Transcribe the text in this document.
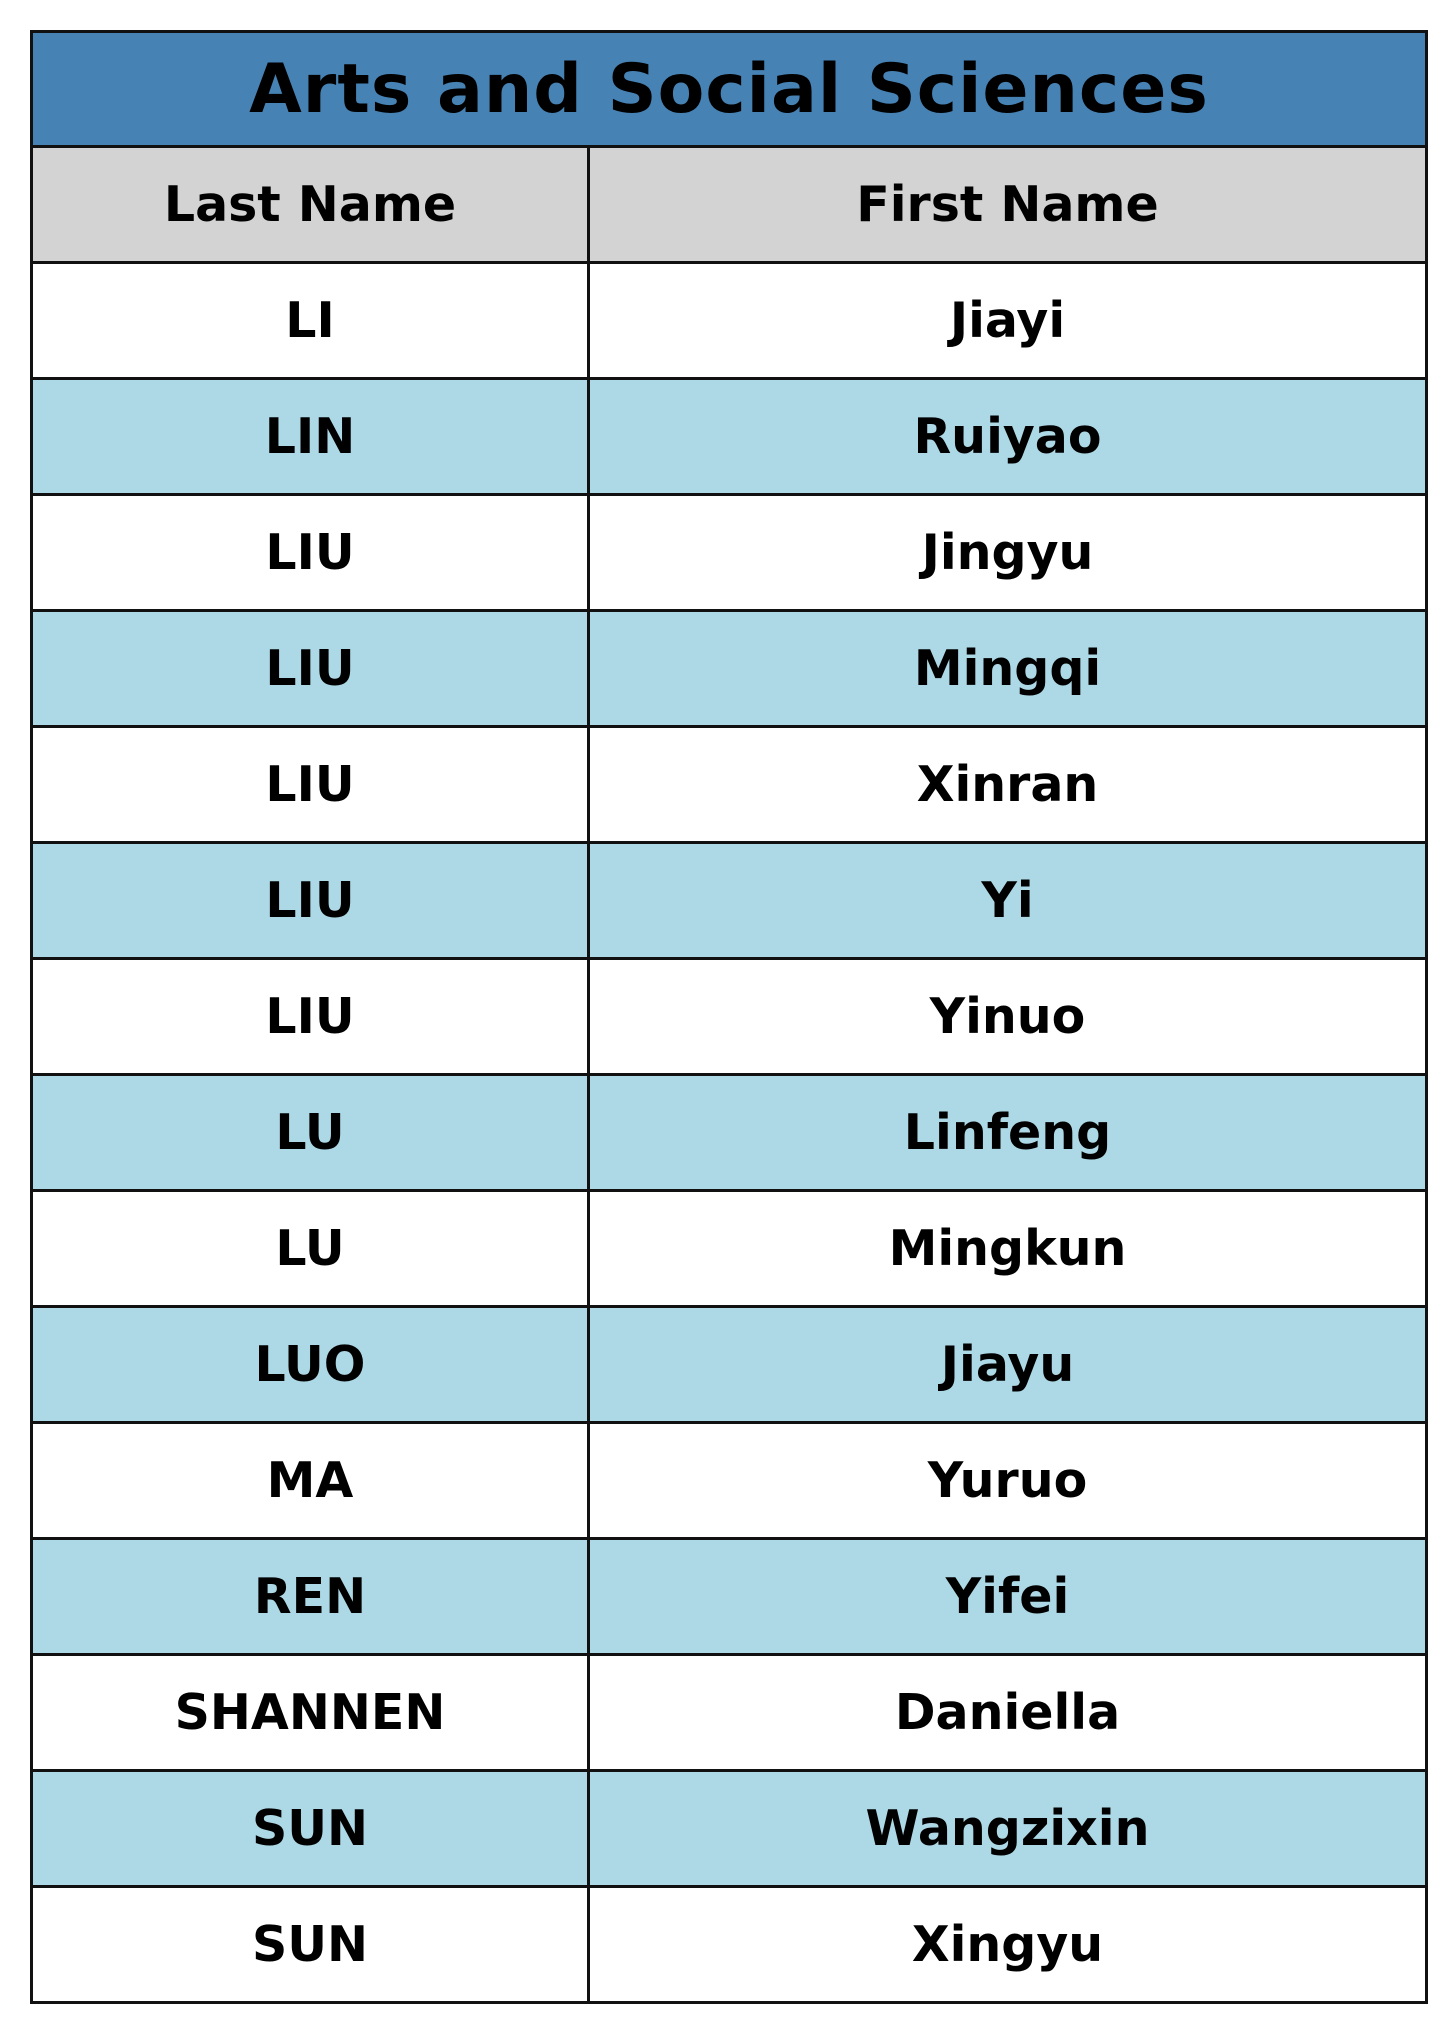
Arts and Social Sciences	
Last Name	First Name
LI	Jiayi
LIN	Ruiyao
LIU	Jingyu
LIU	Mingqi
LIU	Xinran
LIU	Yi
LIU	Yinuo
LU	Linfeng
LU	Mingkun
LUO	Jiayu
MA	Yuruo
REN	Yifei
SHANNEN	Daniella
SUN	Wangzixin
SUN	Xingyu
